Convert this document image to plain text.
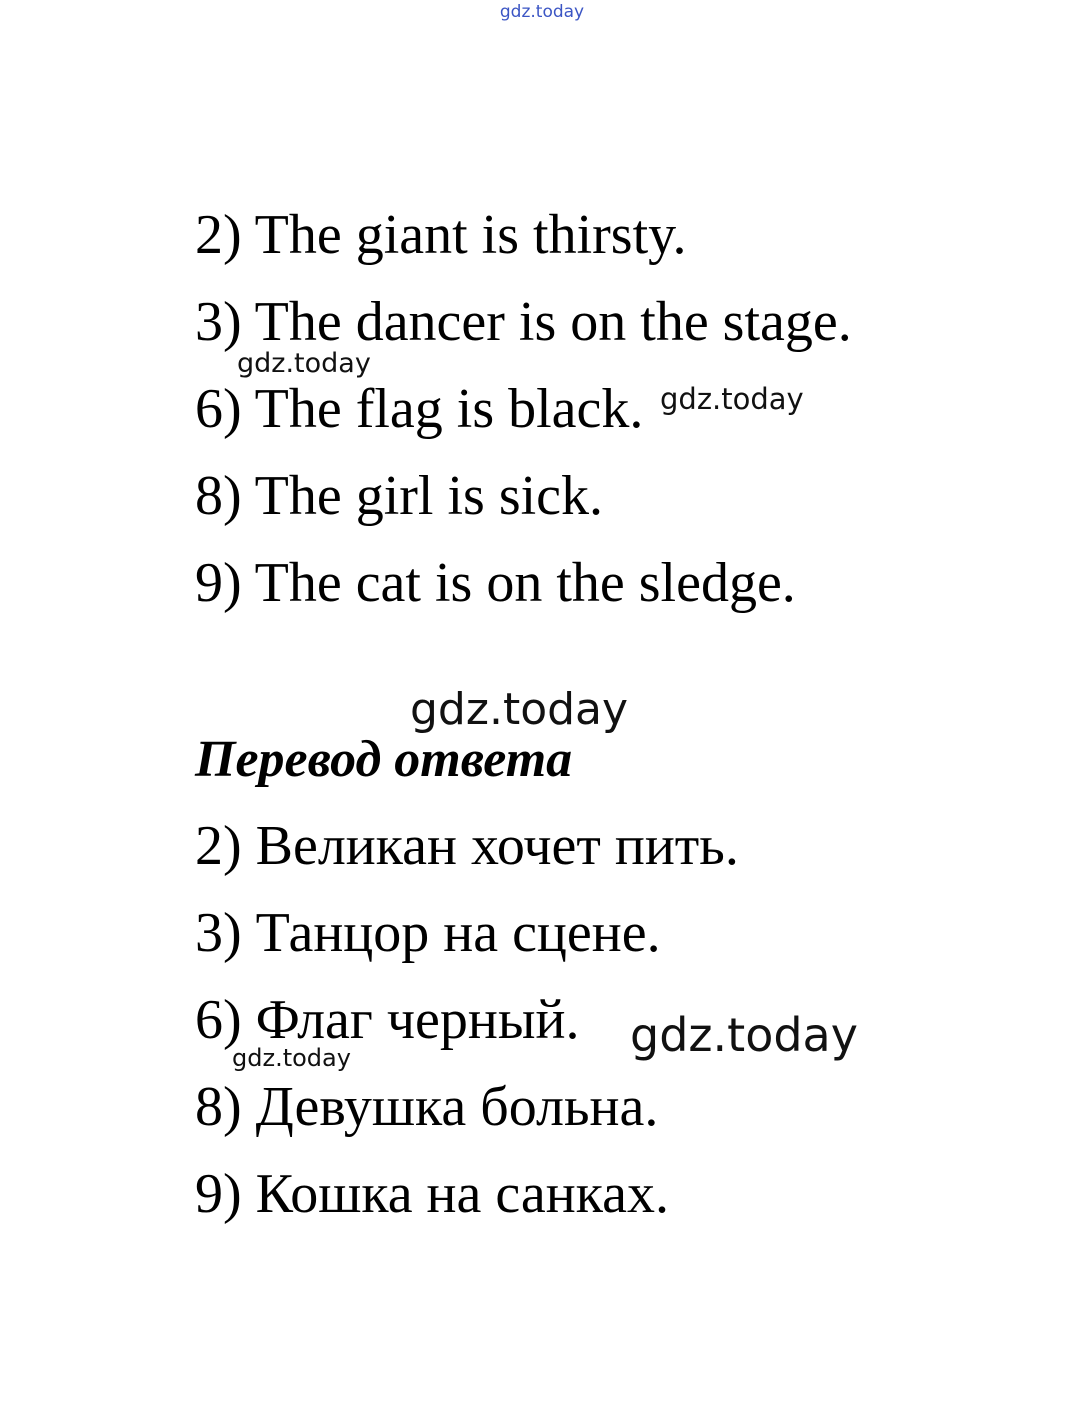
gdz.today
2) The giant is thirsty.
3) The dancer is on the stage.
6) The flag is black.
8) The girl is sick.
9) The cat is on the sledge.
Перевод ответа
2) Великан хочет пить.
3) Танцор на сцене.
6) Флаг черный.
8) Девушка больна.
9) Кошка на санках.
gdz.today
gdz.today
gdz.today
gdz.today
gdz.today
